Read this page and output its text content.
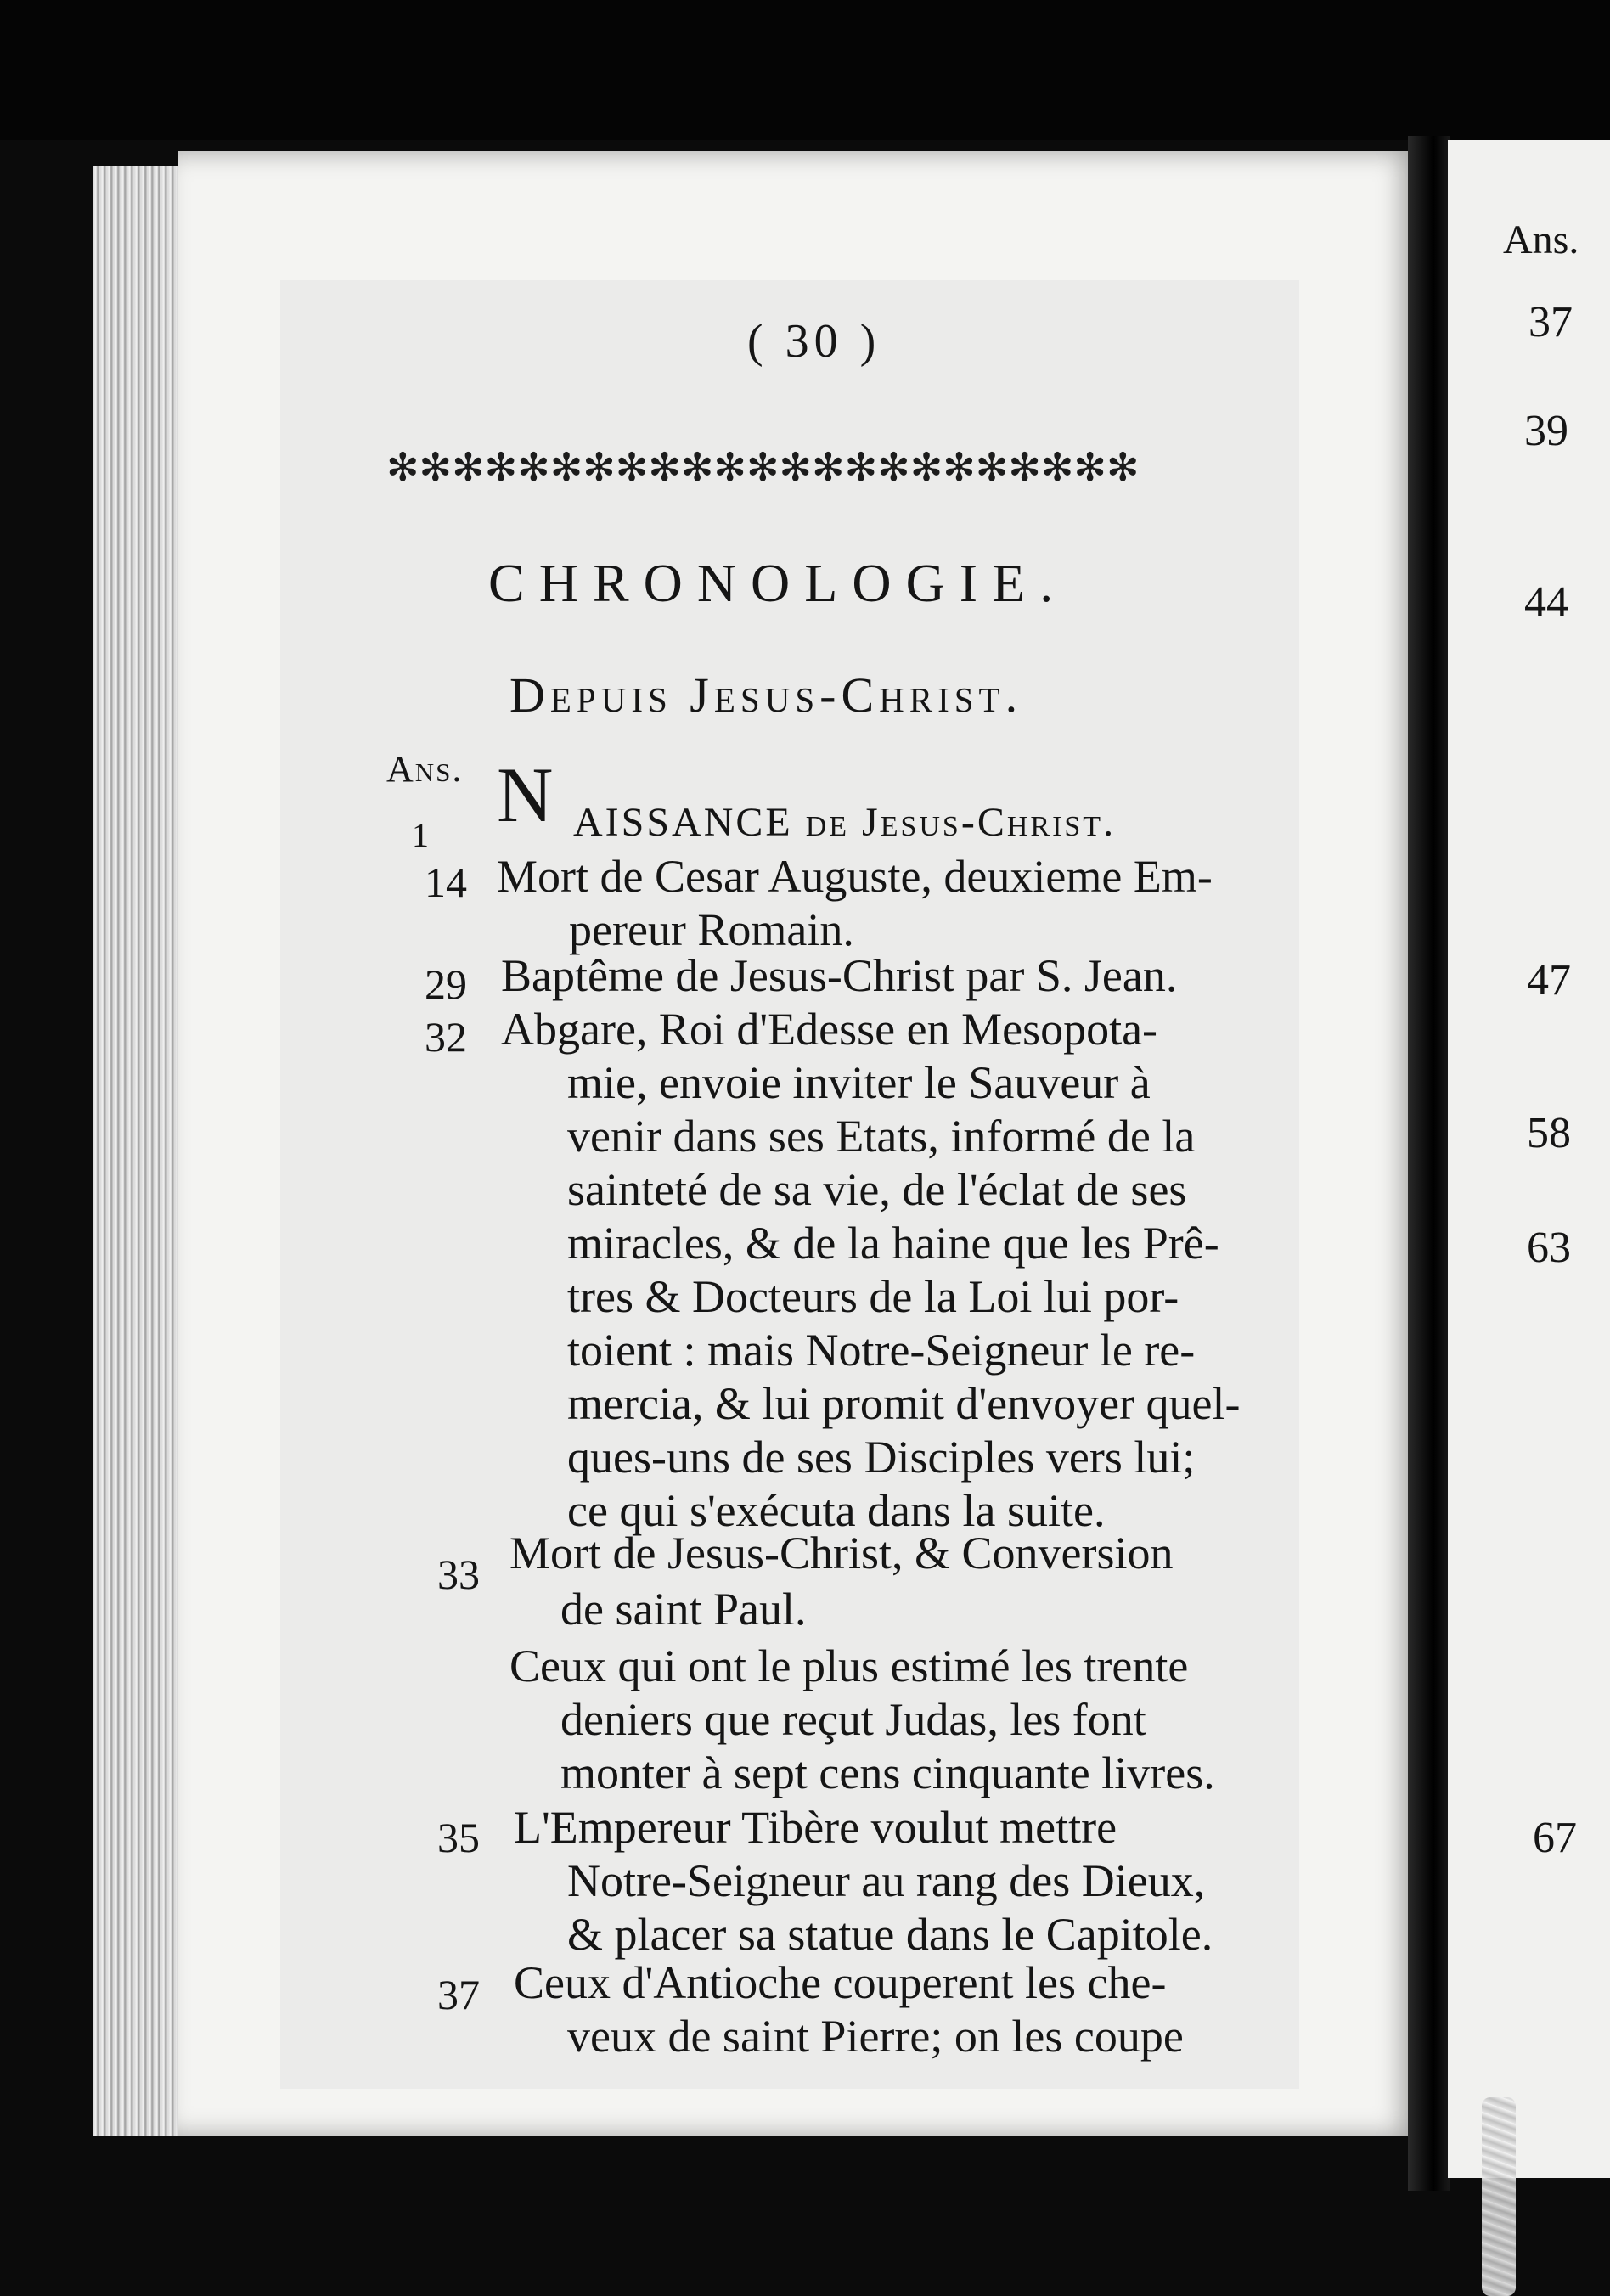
( 30 )
✻✻✻✻✻✻✻✻✻✻✻✻✻✻✻✻✻✻✻✻✻✻✻
CHRONOLOGIE.
Depuis Jesus-Christ.
Ans. N
1	AISSANCE de Jesus-Christ.
14 Mort de Cesar Auguste, deuxieme Em-
pereur Romain.
29 Baptême de Jesus-Christ par S. Jean.
32 Abgare, Roi d'Edesse en Mesopota-
mie, envoie inviter le Sauveur à
venir dans ses Etats, informé de la
sainteté de sa vie, de l'éclat de ses
miracles, & de la haine que les Prê-
tres & Docteurs de la Loi lui por-
toient : mais Notre-Seigneur le re-
mercia, & lui promit d'envoyer quel-
ques-uns de ses Disciples vers lui;
ce qui s'exécuta dans la suite.
33 Mort de Jesus-Christ, & Conversion
de saint Paul.
Ceux qui ont le plus estimé les trente
deniers que reçut Judas, les font
monter à sept cens cinquante livres.
35 L'Empereur Tibère voulut mettre
Notre-Seigneur au rang des Dieux,
& placer sa statue dans le Capitole.
37 Ceux d'Antioche couperent les che-
veux de saint Pierre; on les coupe
Ans.
37
39
44
47
58
63
67
